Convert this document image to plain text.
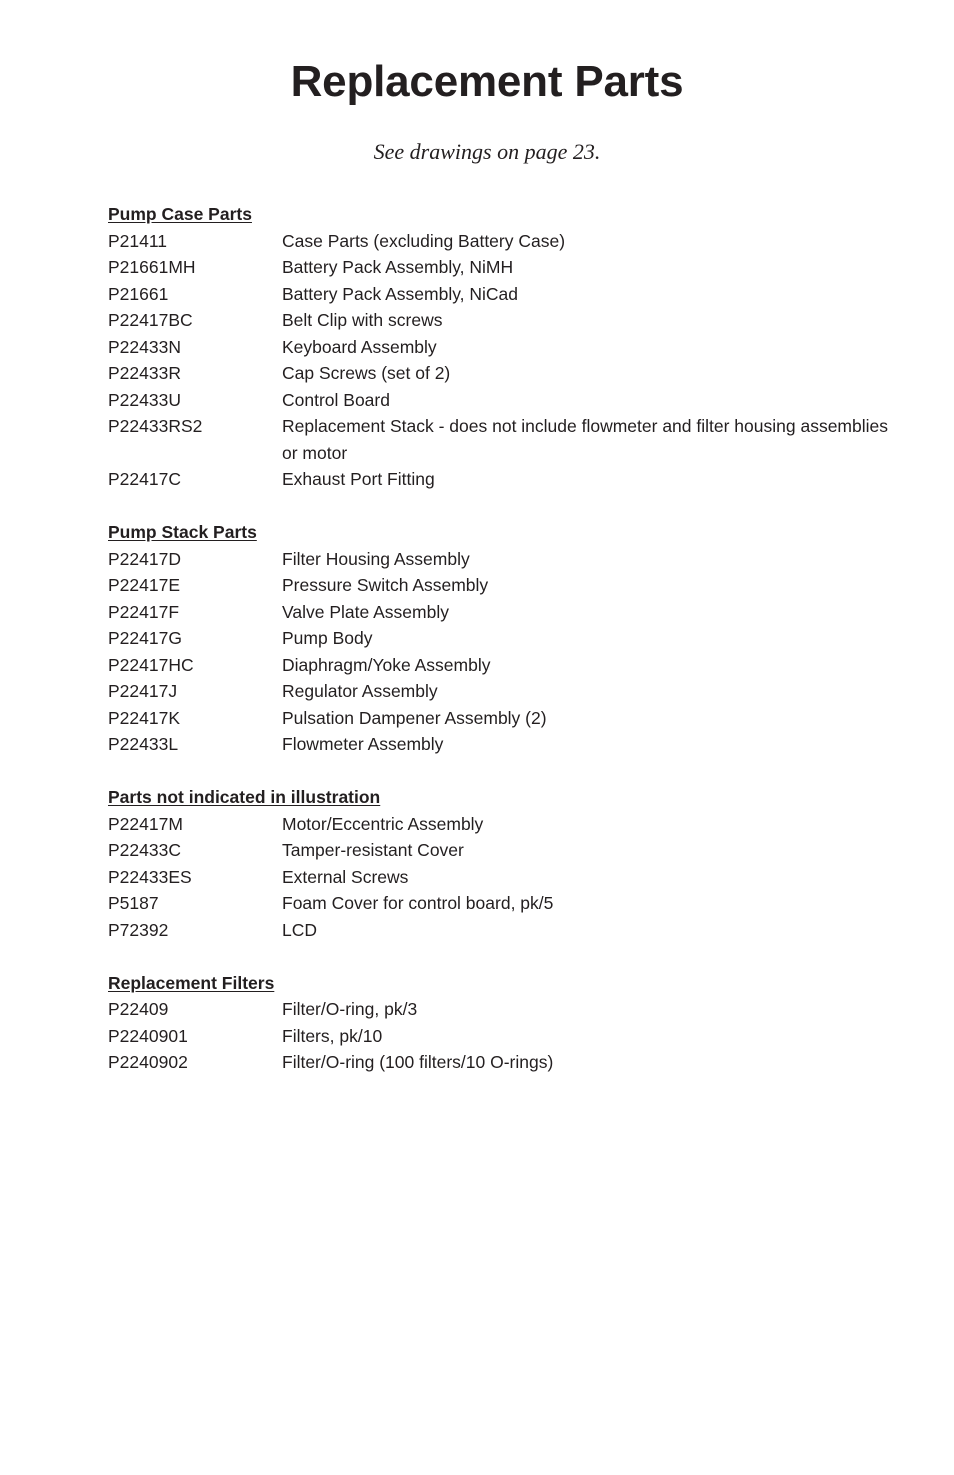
Replacement Parts

See drawings on page 23.

Pump Case Parts
P21411	Case Parts (excluding Battery Case)
P21661MH	Battery Pack Assembly, NiMH
P21661	Battery Pack Assembly, NiCad
P22417BC	Belt Clip with screws
P22433N	Keyboard Assembly
P22433R	Cap Screws (set of 2)
P22433U	Control Board
P22433RS2	Replacement Stack - does not include flowmeter and filter housing assemblies or motor
P22417C	Exhaust Port Fitting
Pump Stack Parts
P22417D	Filter Housing Assembly
P22417E	Pressure Switch Assembly
P22417F	Valve Plate Assembly
P22417G	Pump Body
P22417HC	Diaphragm/Yoke Assembly
P22417J	Regulator Assembly
P22417K	Pulsation Dampener Assembly (2)
P22433L	Flowmeter Assembly
Parts not indicated in illustration
P22417M	Motor/Eccentric Assembly
P22433C	Tamper-resistant Cover
P22433ES	External Screws
P5187	Foam Cover for control board, pk/5
P72392	LCD
Replacement Filters
P22409	Filter/O-ring, pk/3
P2240901	Filters, pk/10
P2240902	Filter/O-ring (100 filters/10 O-rings)
